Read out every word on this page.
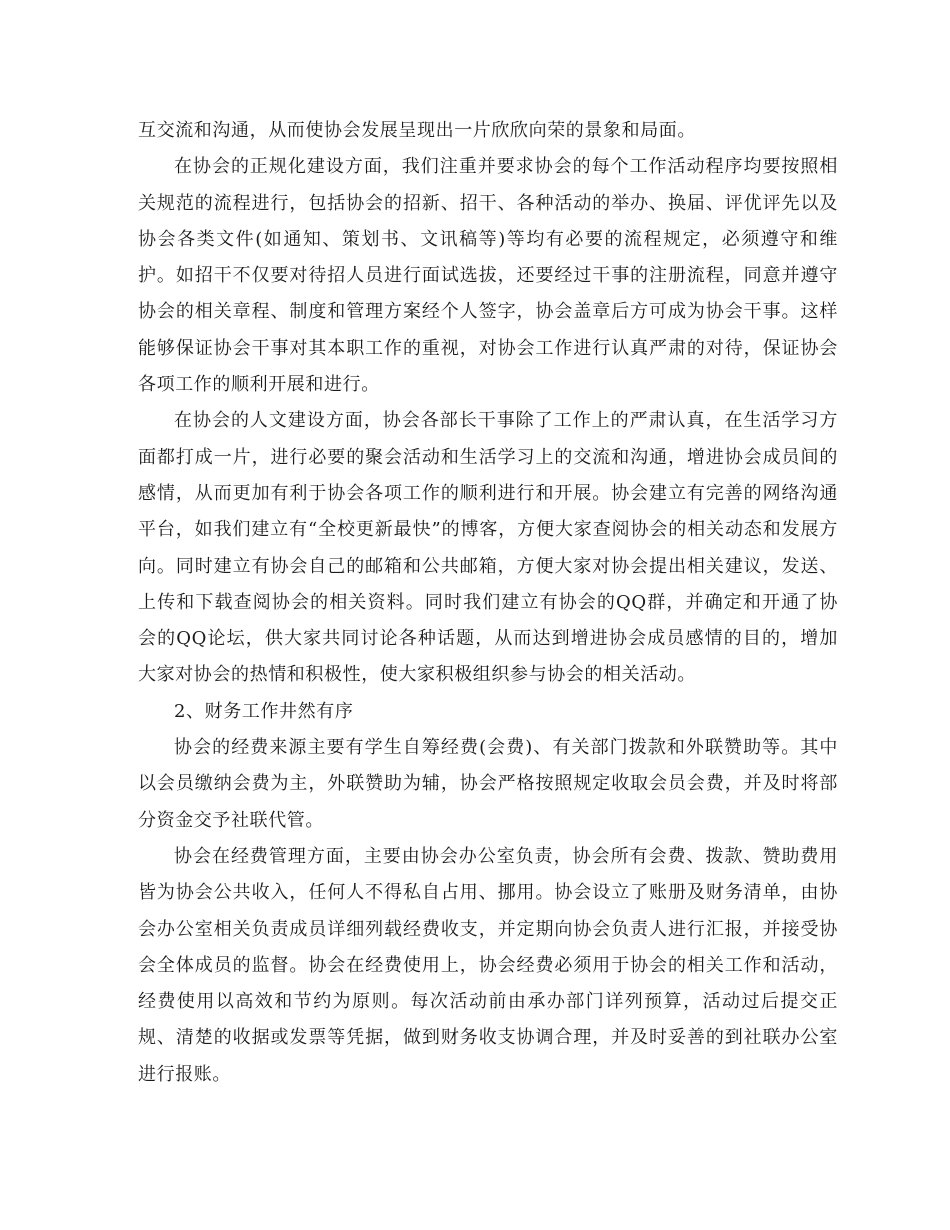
互交流和沟通，从而使协会发展呈现出一片欣欣向荣的景象和局面。

在协会的正规化建设方面，我们注重并要求协会的每个工作活动程序均要按照相关规范的流程进行，包括协会的招新、招干、各种活动的举办、换届、评优评先以及协会各类文件(如通知、策划书、文讯稿等)等均有必要的流程规定，必须遵守和维护。如招干不仅要对待招人员进行面试选拔，还要经过干事的注册流程，同意并遵守协会的相关章程、制度和管理方案经个人签字，协会盖章后方可成为协会干事。这样能够保证协会干事对其本职工作的重视，对协会工作进行认真严肃的对待，保证协会各项工作的顺利开展和进行。

在协会的人文建设方面，协会各部长干事除了工作上的严肃认真，在生活学习方面都打成一片，进行必要的聚会活动和生活学习上的交流和沟通，增进协会成员间的感情，从而更加有利于协会各项工作的顺利进行和开展。协会建立有完善的网络沟通平台，如我们建立有“全校更新最快”的博客，方便大家查阅协会的相关动态和发展方向。同时建立有协会自己的邮箱和公共邮箱，方便大家对协会提出相关建议，发送、上传和下载查阅协会的相关资料。同时我们建立有协会的QQ群，并确定和开通了协会的QQ论坛，供大家共同讨论各种话题，从而达到增进协会成员感情的目的，增加大家对协会的热情和积极性，使大家积极组织参与协会的相关活动。

2、财务工作井然有序

协会的经费来源主要有学生自筹经费(会费)、有关部门拨款和外联赞助等。其中以会员缴纳会费为主，外联赞助为辅，协会严格按照规定收取会员会费，并及时将部分资金交予社联代管。

协会在经费管理方面，主要由协会办公室负责，协会所有会费、拨款、赞助费用皆为协会公共收入，任何人不得私自占用、挪用。协会设立了账册及财务清单，由协会办公室相关负责成员详细列载经费收支，并定期向协会负责人进行汇报，并接受协会全体成员的监督。协会在经费使用上，协会经费必须用于协会的相关工作和活动，经费使用以高效和节约为原则。每次活动前由承办部门详列预算，活动过后提交正规、清楚的收据或发票等凭据，做到财务收支协调合理，并及时妥善的到社联办公室进行报账。
